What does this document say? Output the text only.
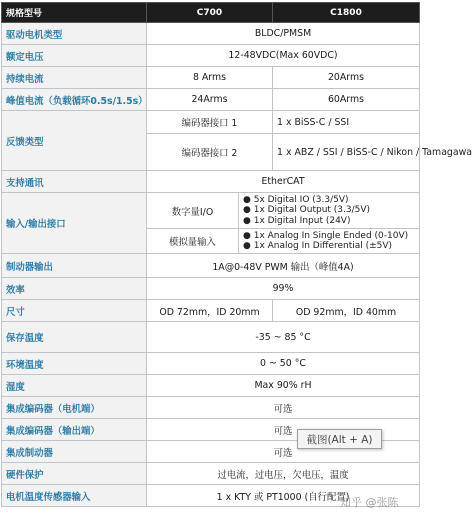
规格型号	C700		C1800
驱动电机类型	BLDC/PMSM		
额定电压	12-48VDC(Max 60VDC)		
持续电流	8 Arms		20Arms
峰值电流（负载循环0.5s/1.5s）	24Arms		60Arms
反馈类型	编码器接口 1		1 x BiSS-C / SSI
	编码器接口 2		1 x ABZ / SSI / BiSS-C / Nikon / Tamagawa
支持通讯	EtherCAT		
输入/输出接口	数字量I/O	● 5x Digital IO (3.3/5V)
● 1x Digital Output (3.3/5V)
● 1x Digital Input (24V)	

	模拟量输入	● 1x Analog In Single Ended (0-10V)
● 1x Analog In Differential (±5V)	

制动器输出	1A@0-48V PWM 输出（峰值4A)		
效率	99%		
尺寸	OD 72mm，ID 20mm		OD 92mm，ID 40mm
保存温度	-35 ~ 85 °C		
环境温度	0 ~ 50 °C		
湿度	Max 90% rH		
集成编码器（电机端）	可选		
集成编码器（输出端）	可选		
集成制动器	可选		
硬件保护	过电流，过电压，欠电压，温度		
电机温度传感器输入	1 x KTY 或 PT1000 (自行配置)		
截图(Alt + A)
知乎 @张陈
